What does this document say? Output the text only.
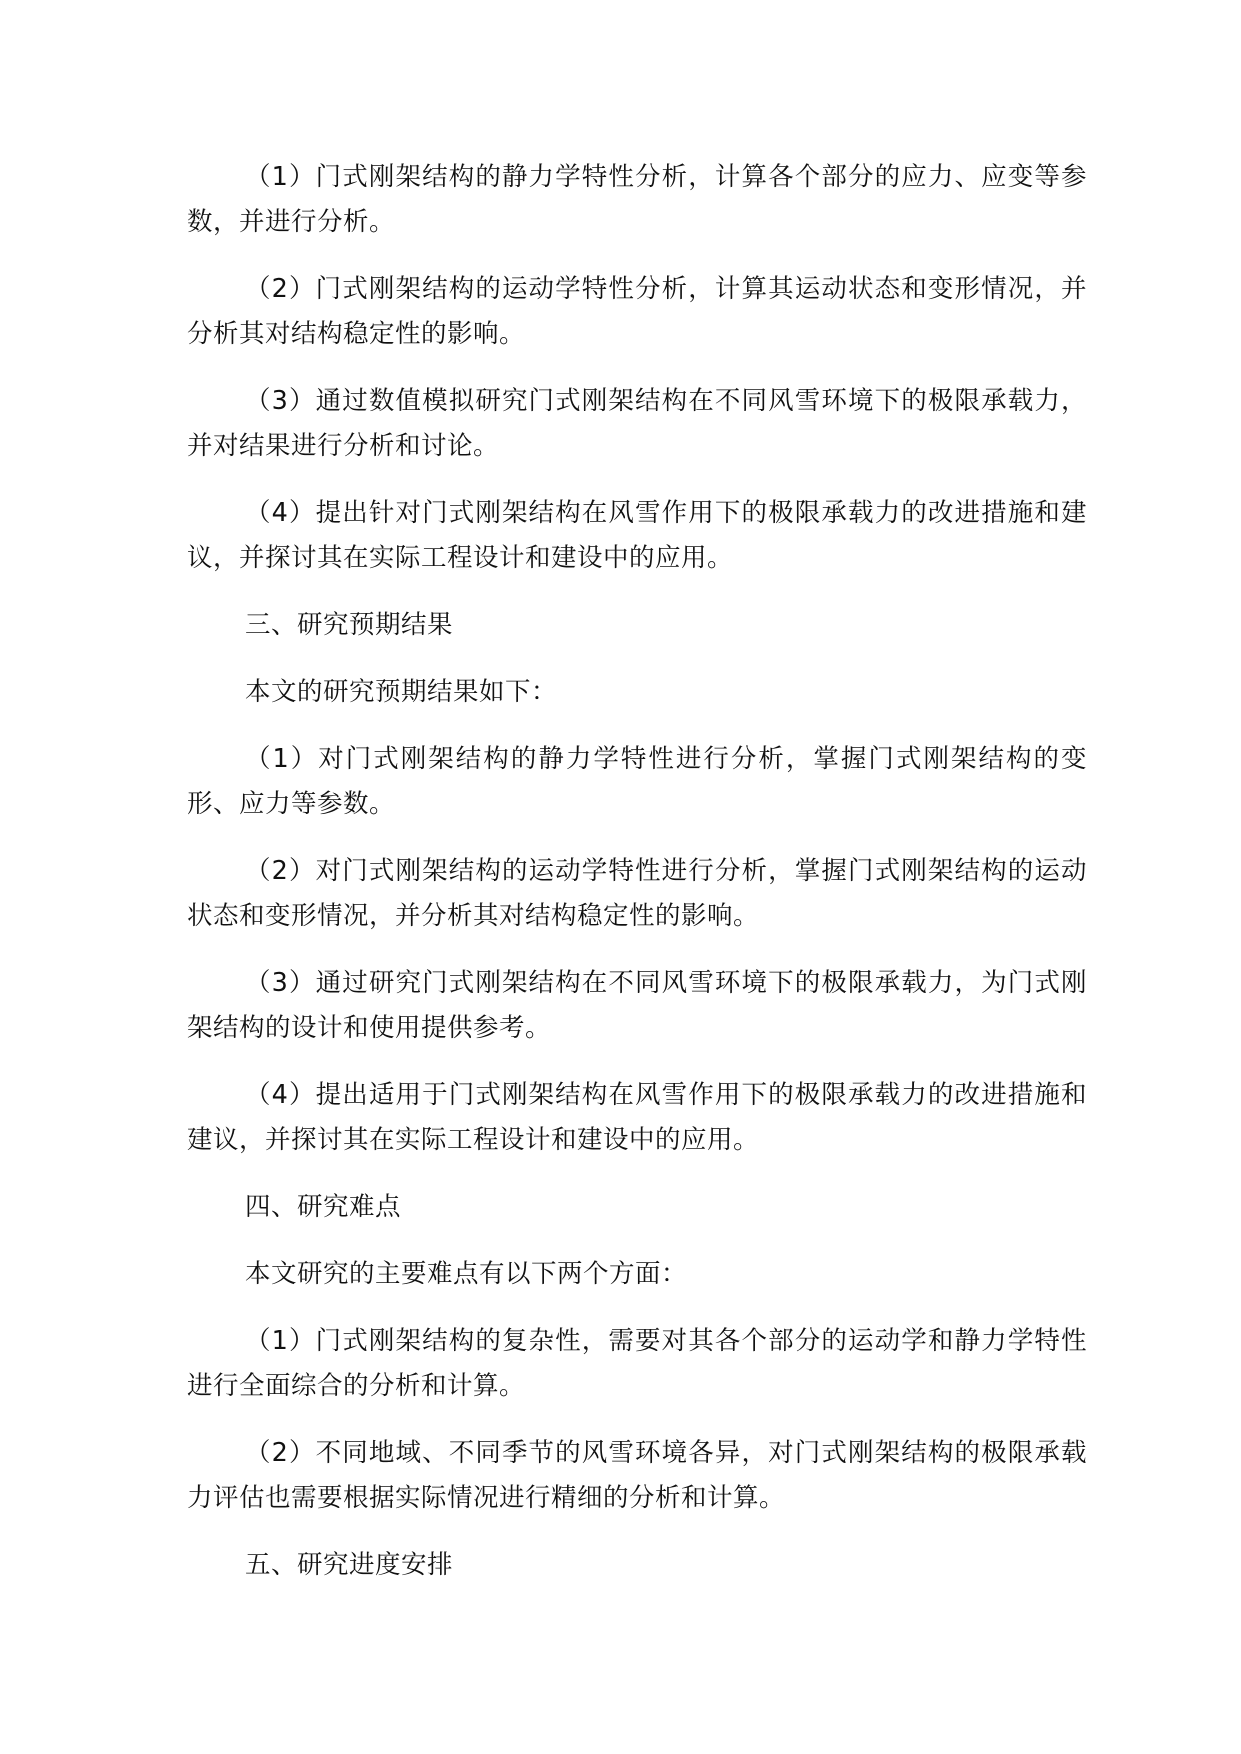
（1）门式刚架结构的静力学特性分析，计算各个部分的应力、应变等参数，并进行分析。

（2）门式刚架结构的运动学特性分析，计算其运动状态和变形情况，并分析其对结构稳定性的影响。

（3）通过数值模拟研究门式刚架结构在不同风雪环境下的极限承载力，并对结果进行分析和讨论。

（4）提出针对门式刚架结构在风雪作用下的极限承载力的改进措施和建议，并探讨其在实际工程设计和建设中的应用。

三、研究预期结果

本文的研究预期结果如下：

（1）对门式刚架结构的静力学特性进行分析，掌握门式刚架结构的变形、应力等参数。

（2）对门式刚架结构的运动学特性进行分析，掌握门式刚架结构的运动状态和变形情况，并分析其对结构稳定性的影响。

（3）通过研究门式刚架结构在不同风雪环境下的极限承载力，为门式刚架结构的设计和使用提供参考。

（4）提出适用于门式刚架结构在风雪作用下的极限承载力的改进措施和建议，并探讨其在实际工程设计和建设中的应用。

四、研究难点

本文研究的主要难点有以下两个方面：

（1）门式刚架结构的复杂性，需要对其各个部分的运动学和静力学特性进行全面综合的分析和计算。

（2）不同地域、不同季节的风雪环境各异，对门式刚架结构的极限承载力评估也需要根据实际情况进行精细的分析和计算。

五、研究进度安排
